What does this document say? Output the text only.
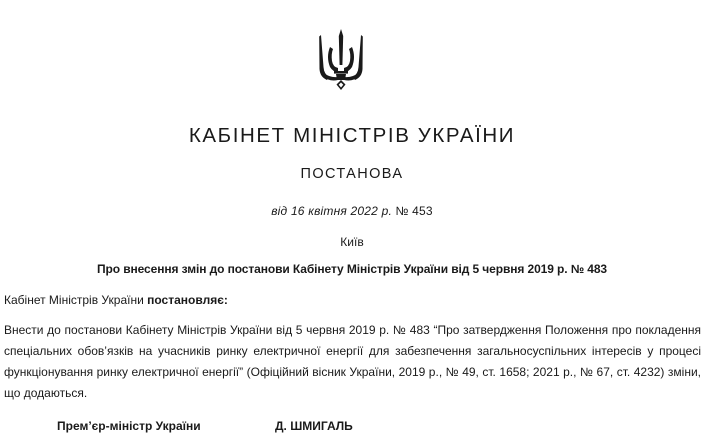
КАБІНЕТ МІНІСТРІВ УКРАЇНИ
ПОСТАНОВА
від 16 квітня 2022 р. № 453
Київ
Про внесення змін до постанови Кабінету Міністрів України від 5 червня 2019 р. № 483
Кабінет Міністрів України постановляє:
Внести до постанови Кабінету Міністрів України від 5 червня 2019 р. № 483 “Про затвердження Положення про покладення спеціальних обов’язків на учасників ринку електричної енергії для забезпечення загальносуспільних інтересів у процесі функціонування ринку електричної енергії” (Офіційний вісник України, 2019 р., № 49, ст. 1658; 2021 р., № 67, ст. 4232) зміни, що додаються.
Прем’єр-міністр України	Д. ШМИГАЛЬ
